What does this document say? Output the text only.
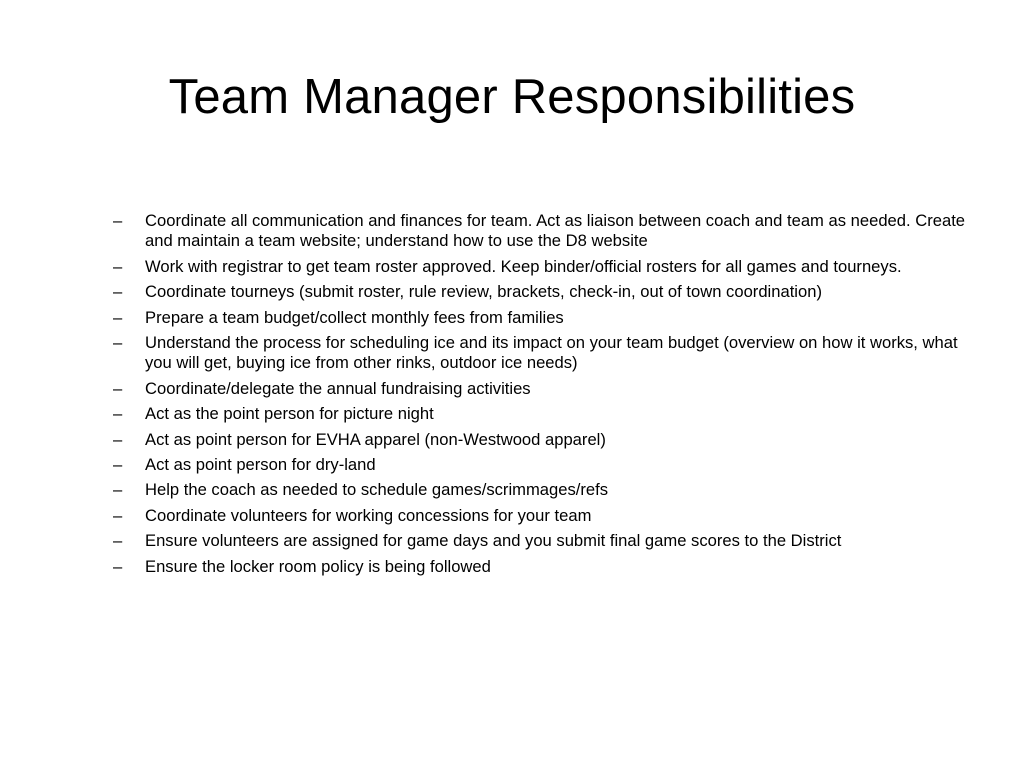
Team Manager Responsibilities
–	Coordinate all communication and finances for team. Act as liaison between coach and team as needed. Create and maintain a team website; understand how to use the D8 website
–	Work with registrar to get team roster approved. Keep binder/official rosters for all games and tourneys.
–	Coordinate tourneys (submit roster, rule review, brackets, check-in, out of town coordination)
–	Prepare a team budget/collect monthly fees from families
–	Understand the process for scheduling ice and its impact on your team budget (overview on how it works, what you will get, buying ice from other rinks, outdoor ice needs)
–	Coordinate/delegate the annual fundraising activities
–	Act as the point person for picture night
–	Act as point person for EVHA apparel (non-Westwood apparel)
–	Act as point person for dry-land
–	Help the coach as needed to schedule games/scrimmages/refs
–	Coordinate volunteers for working concessions for your team
–	Ensure volunteers are assigned for game days and you submit final game scores to the District
–	Ensure the locker room policy is being followed
